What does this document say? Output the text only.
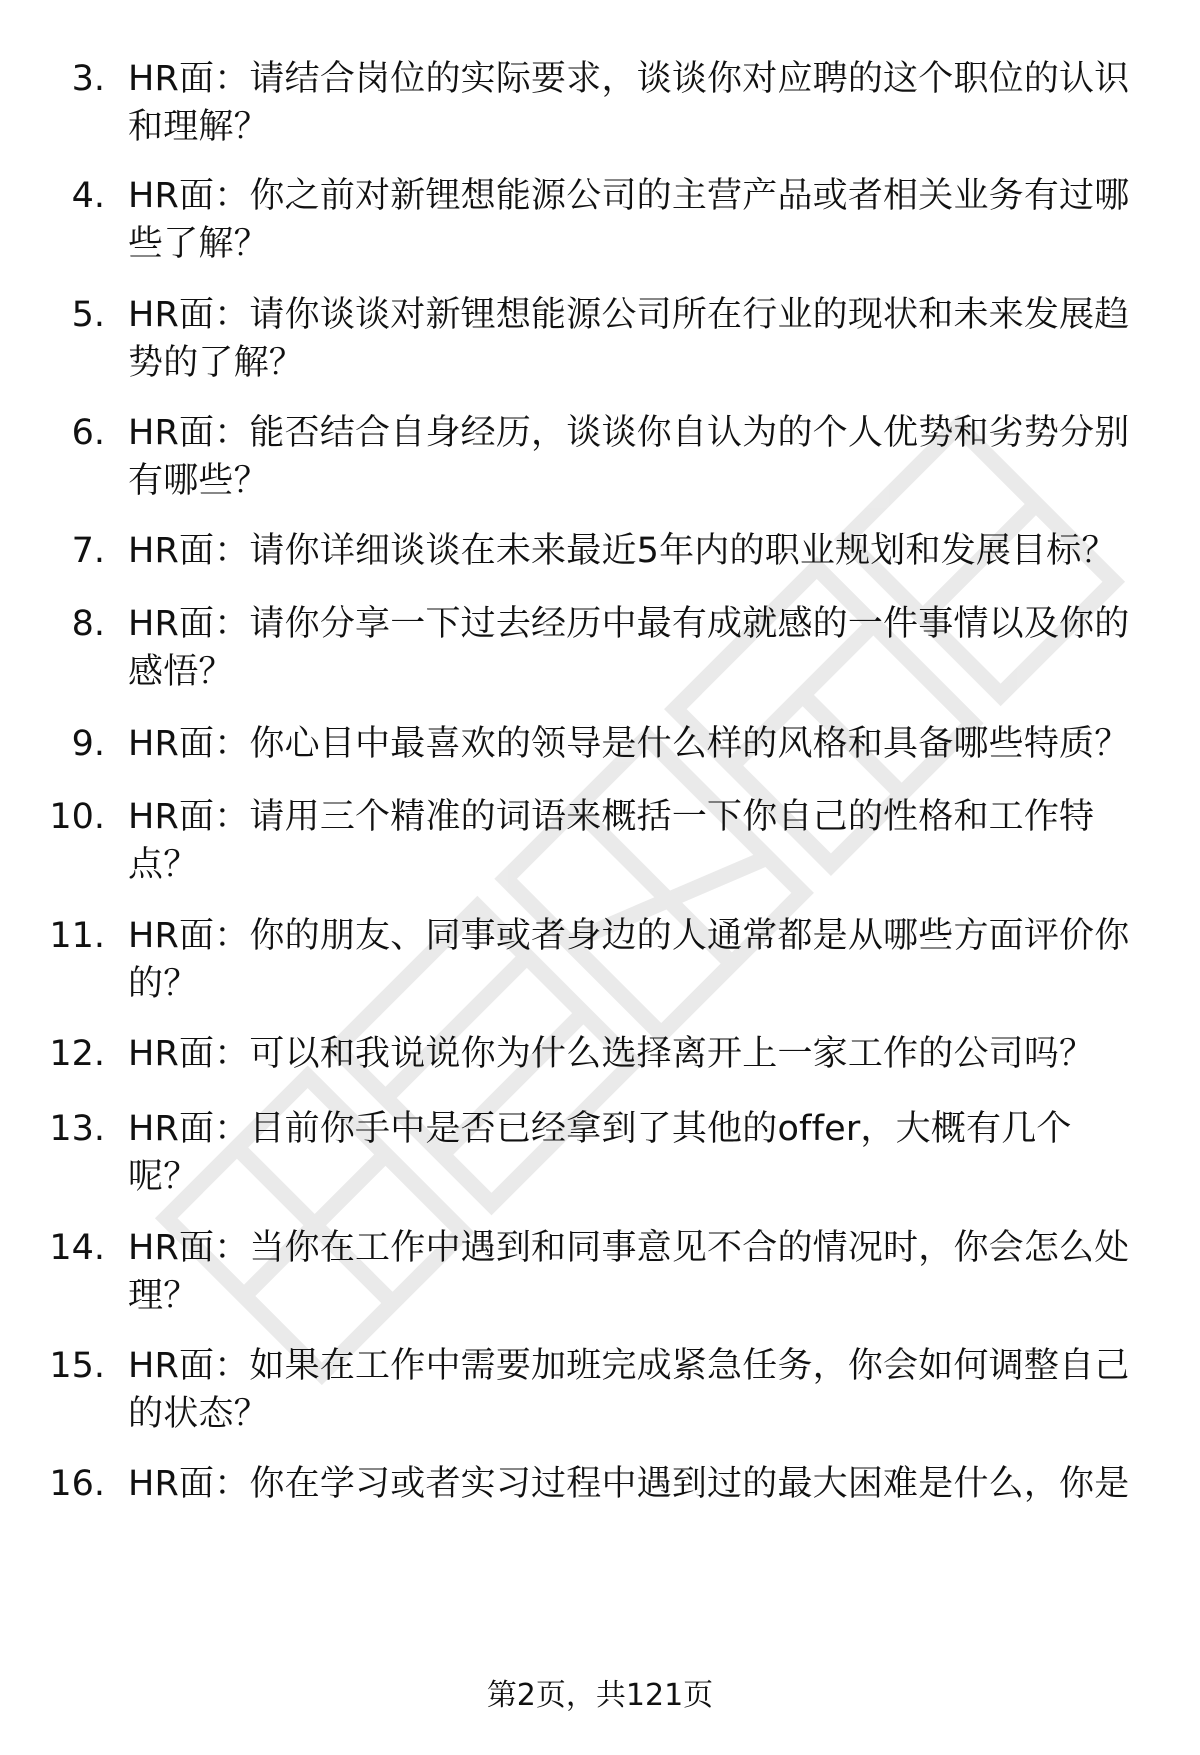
3. HR面：请结合岗位的实际要求，谈谈你对应聘的这个职位的认识
和理解？
4. HR面：你之前对新锂想能源公司的主营产品或者相关业务有过哪
些了解？
5. HR面：请你谈谈对新锂想能源公司所在行业的现状和未来发展趋
势的了解？
6. HR面：能否结合自身经历，谈谈你自认为的个人优势和劣势分别
有哪些？
7. HR面：请你详细谈谈在未来最近5年内的职业规划和发展目标？
8. HR面：请你分享一下过去经历中最有成就感的一件事情以及你的
感悟？
9. HR面：你心目中最喜欢的领导是什么样的风格和具备哪些特质？
10. HR面：请用三个精准的词语来概括一下你自己的性格和工作特
点？
11. HR面：你的朋友、同事或者身边的人通常都是从哪些方面评价你
的？
12. HR面：可以和我说说你为什么选择离开上一家工作的公司吗？
13. HR面：目前你手中是否已经拿到了其他的offer，大概有几个
呢？
14. HR面：当你在工作中遇到和同事意见不合的情况时，你会怎么处
理？
15. HR面：如果在工作中需要加班完成紧急任务，你会如何调整自己
的状态？
16. HR面：你在学习或者实习过程中遇到过的最大困难是什么，你是
第2页，共121页
